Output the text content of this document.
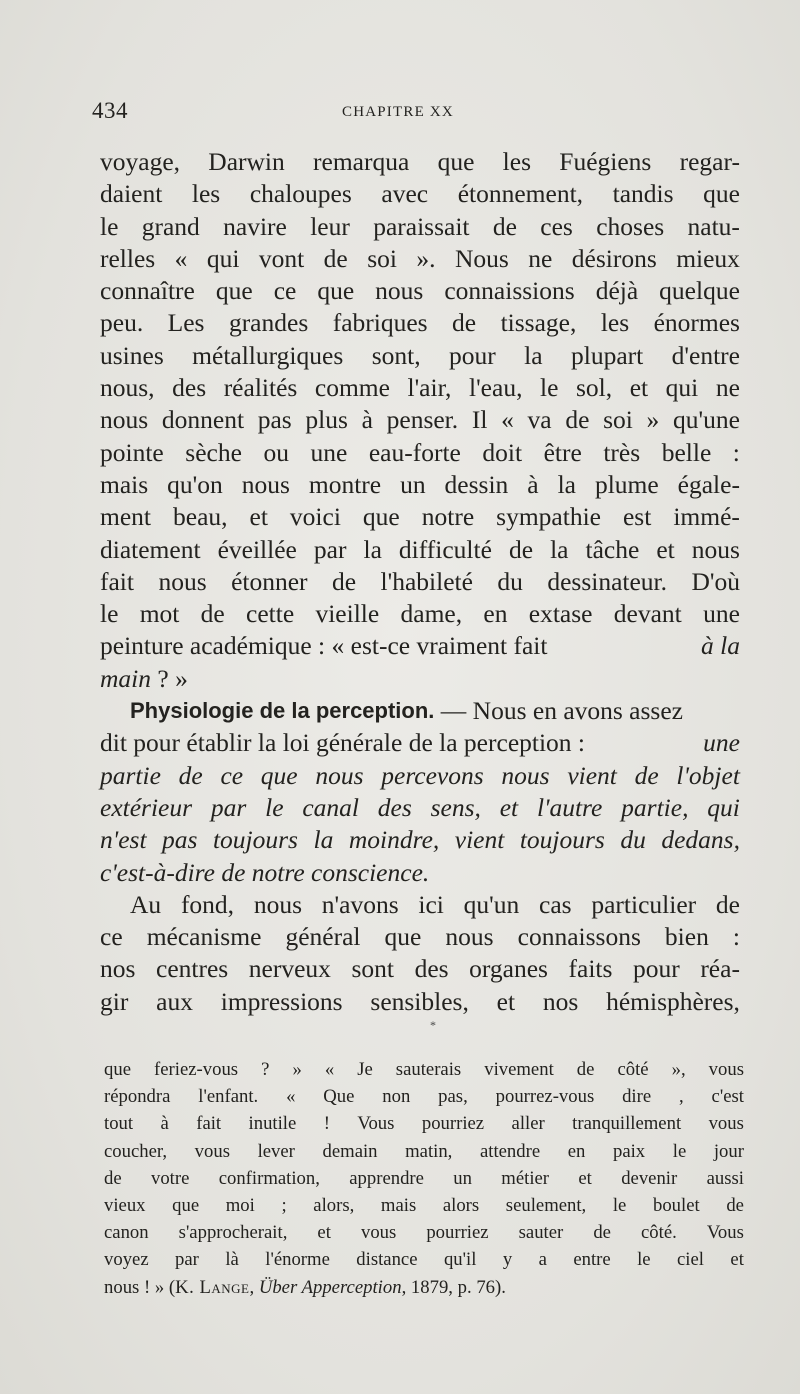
434	CHAPITRE XX
voyage, Darwin remarqua que les Fuégiens regar-
daient les chaloupes avec étonnement, tandis que
le grand navire leur paraissait de ces choses natu-
relles « qui vont de soi ». Nous ne désirons mieux
connaître que ce que nous connaissions déjà quelque
peu. Les grandes fabriques de tissage, les énormes
usines métallurgiques sont, pour la plupart d'entre
nous, des réalités comme l'air, l'eau, le sol, et qui ne
nous donnent pas plus à penser. Il « va de soi » qu'une
pointe sèche ou une eau-forte doit être très belle :
mais qu'on nous montre un dessin à la plume égale-
ment beau, et voici que notre sympathie est immé-
diatement éveillée par la difficulté de la tâche et nous
fait nous étonner de l'habileté du dessinateur. D'où
le mot de cette vieille dame, en extase devant une
peinture académique : « est-ce vraiment fait	à la
main ? »
Physiologie de la perception. — Nous en avons assez
dit pour établir la loi générale de la perception :	une
partie de ce que nous percevons nous vient de l'objet
extérieur par le canal des sens, et l'autre partie, qui
n'est pas toujours la moindre, vient toujours du dedans,
c'est-à-dire de notre conscience.
Au fond, nous n'avons ici qu'un cas particulier de
ce mécanisme général que nous connaissons bien :
nos centres nerveux sont des organes faits pour réa-
gir aux impressions sensibles, et nos hémisphères,
*
que feriez-vous ? » « Je sauterais vivement de côté », vous
répondra l'enfant. « Que non pas, pourrez-vous dire , c'est
tout à fait inutile ! Vous pourriez aller tranquillement vous
coucher, vous lever demain matin, attendre en paix le jour
de votre confirmation, apprendre un métier et devenir aussi
vieux que moi ; alors, mais alors seulement, le boulet de
canon s'approcherait, et vous pourriez sauter de côté. Vous
voyez par là l'énorme distance qu'il y a entre le ciel et
nous ! » ( K. Lange , Über Apperception , 1879, p. 76).
